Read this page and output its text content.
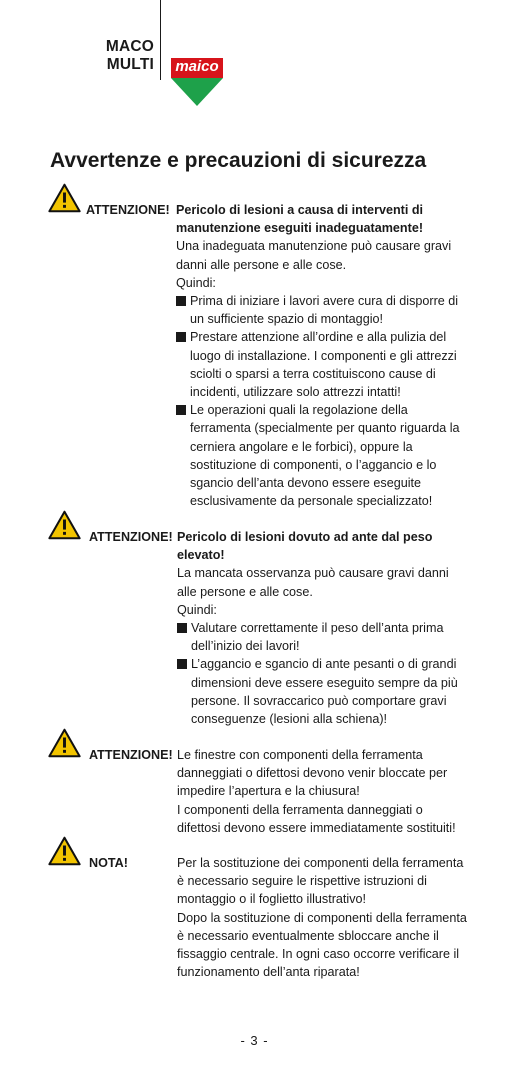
MACO
MULTI maico
Avvertenze e precauzioni di sicurezza
ATTENZIONE! Pericolo di lesioni a causa di interventi di manutenzione eseguiti inadeguatamente!

Una inadeguata manutenzione può causare gravi danni alle persone e alle cose.

Quindi:

Prima di iniziare i lavori avere cura di disporre di un sufficiente spazio di montaggio!
Prestare attenzione all’ordine e alla pulizia del luogo di installazione. I componenti e gli attrezzi sciolti o sparsi a terra costituiscono cause di incidenti, utilizzare solo attrezzi intatti!
Le operazioni quali la regolazione della ferramenta (specialmente per quanto riguarda la cerniera angolare e le forbici), oppure la sostituzione di componenti, o l’aggancio e lo sgancio dell’anta devono essere eseguite esclusivamente da personale specializzato!
ATTENZIONE! Pericolo di lesioni dovuto ad ante dal peso elevato!

La mancata osservanza può causare gravi danni alle persone e alle cose.

Quindi:

Valutare correttamente il peso dell’anta prima dell’inizio dei lavori!
L’aggancio e sgancio di ante pesanti o di grandi dimensioni deve essere eseguito sempre da più persone. Il sovraccarico può comportare gravi conseguenze (lesioni alla schiena)!
ATTENZIONE! Le finestre con componenti della ferramenta danneggiati o difettosi devono venir bloccate per impedire l’apertura e la chiusura!

I componenti della ferramenta danneggiati o difettosi devono essere immediatamente sostituiti!

NOTA!	Per la sostituzione dei componenti della ferramenta è necessario seguire le rispettive istruzioni di montaggio o il foglietto illustrativo!

Dopo la sostituzione di componenti della ferramenta è necessario eventualmente sbloccare anche il fissaggio centrale. In ogni caso occorre verificare il funzionamento dell’anta riparata!

- 3 -
